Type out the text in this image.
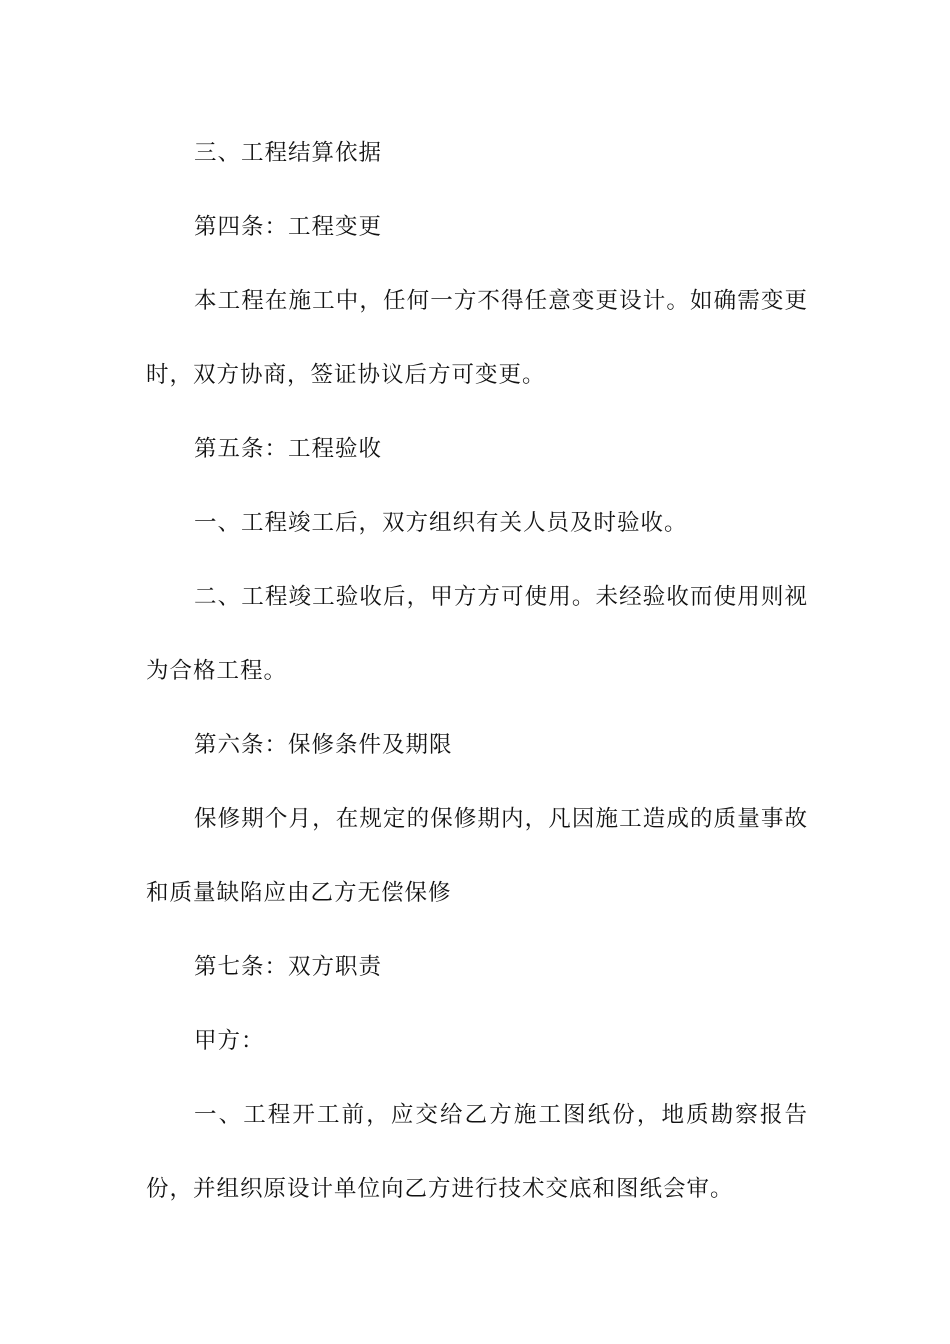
三、工程结算依据

第四条：工程变更

本工程在施工中，任何一方不得任意变更设计。如确需变更时，双方协商，签证协议后方可变更。

第五条：工程验收

一、工程竣工后，双方组织有关人员及时验收。

二、工程竣工验收后，甲方方可使用。未经验收而使用则视为合格工程。

第六条：保修条件及期限

保修期个月，在规定的保修期内，凡因施工造成的质量事故和质量缺陷应由乙方无偿保修

第七条：双方职责

甲方：

一、工程开工前，应交给乙方施工图纸份，地质勘察报告份，并组织原设计单位向乙方进行技术交底和图纸会审。
